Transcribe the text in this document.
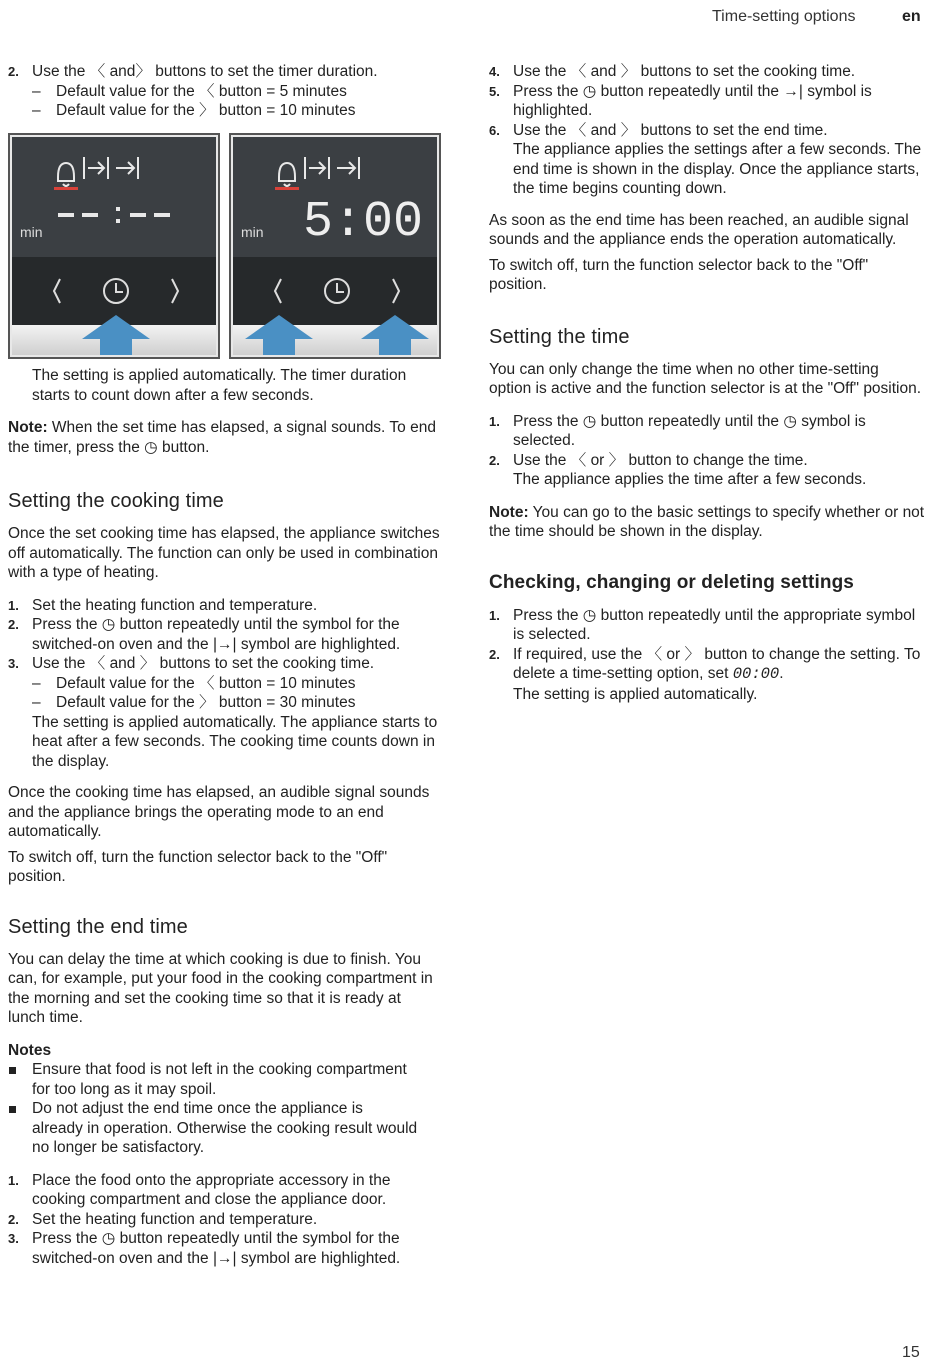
Time-setting options	en
2. Use the 〈 and〉 buttons to set the timer duration.
– Default value for the 〈 button = 5 minutes
– Default value for the 〉 button = 10 minutes
min	5:00
min

The setting is applied automatically. The timer duration starts to count down after a few seconds.

Note: When the set time has elapsed, a signal sounds. To end the timer, press the ◷ button.

Setting the cooking time

Once the set cooking time has elapsed, the appliance switches off automatically. The function can only be used in combination with a type of heating.

1. Set the heating function and temperature.
2. Press the ◷ button repeatedly until the symbol for the switched-on oven and the |→| symbol are highlighted.
3. Use the 〈 and 〉 buttons to set the cooking time.
– Default value for the 〈 button = 10 minutes
– Default value for the 〉 button = 30 minutes
The setting is applied automatically. The appliance starts to heat after a few seconds. The cooking time counts down in the display.

Once the cooking time has elapsed, an audible signal sounds and the appliance brings the operating mode to an end automatically.

To switch off, turn the function selector back to the "Off" position.

Setting the end time

You can delay the time at which cooking is due to finish. You can, for example, put your food in the cooking compartment in the morning and set the cooking time so that it is ready at lunch time.

Notes

Ensure that food is not left in the cooking compartment for too long as it may spoil.
Do not adjust the end time once the appliance is already in operation. Otherwise the cooking result would no longer be satisfactory.
1. Place the food onto the appropriate accessory in the cooking compartment and close the appliance door.
2. Set the heating function and temperature.
3. Press the ◷ button repeatedly until the symbol for the switched-on oven and the |→| symbol are highlighted.
4. Use the 〈 and 〉 buttons to set the cooking time.
5. Press the ◷ button repeatedly until the →| symbol is highlighted.
6. Use the 〈 and 〉 buttons to set the end time.
The appliance applies the settings after a few seconds. The end time is shown in the display. Once the appliance starts, the time begins counting down.

As soon as the end time has been reached, an audible signal sounds and the appliance ends the operation automatically.

To switch off, turn the function selector back to the "Off" position.

Setting the time

You can only change the time when no other time-setting option is active and the function selector is at the "Off" position.

1. Press the ◷ button repeatedly until the ◷ symbol is selected.
2. Use the 〈 or 〉 button to change the time.
The appliance applies the time after a few seconds.

Note: You can go to the basic settings to specify whether or not the time should be shown in the display.

Checking, changing or deleting settings
1. Press the ◷ button repeatedly until the appropriate symbol is selected.
2. If required, use the 〈 or 〉 button to change the setting. To delete a time-setting option, set 00:00.
The setting is applied automatically.
15
